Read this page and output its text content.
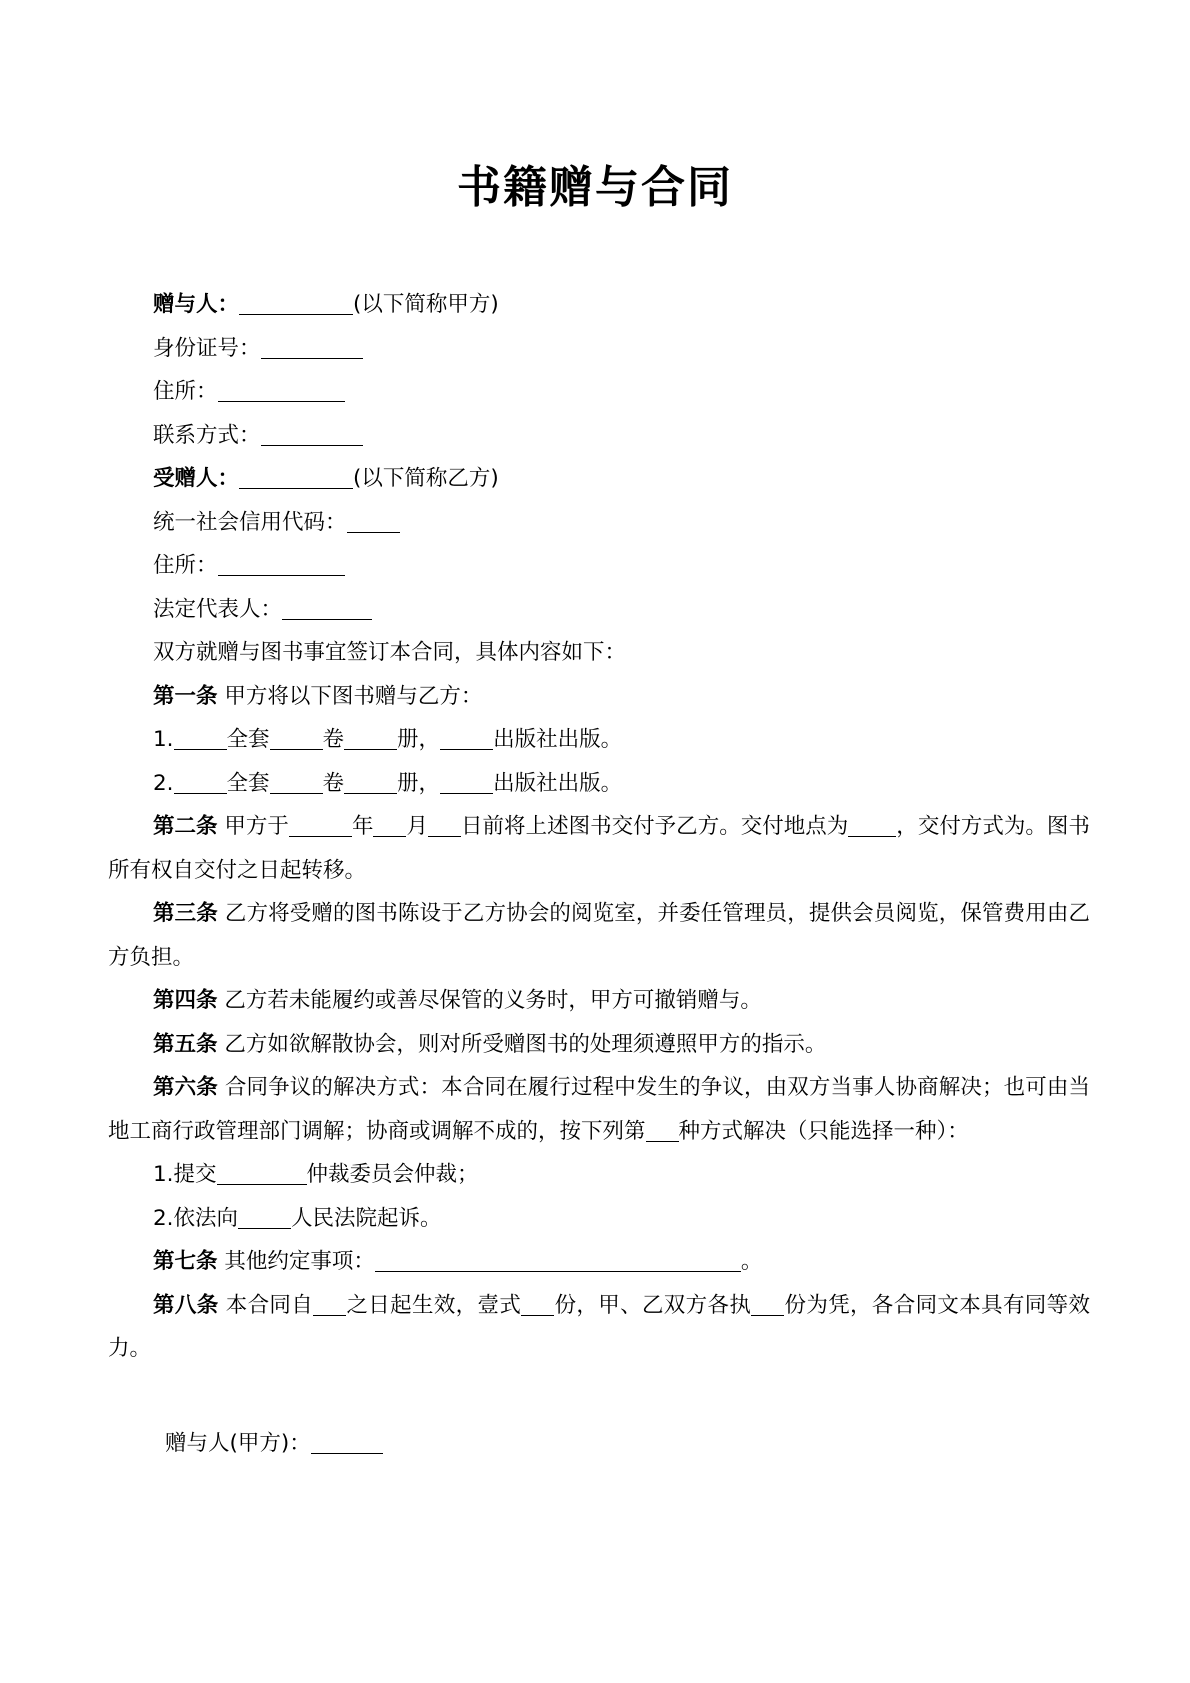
书籍赠与合同
赠与人：	(以下简称甲方)
身份证号：
住所：
联系方式：
受赠人：	(以下简称乙方)
统一社会信用代码：
住所：
法定代表人：
双方就赠与图书事宜签订本合同，具体内容如下：
第一条 甲方将以下图书赠与乙方：
1. 全套 卷 册， 出版社出版。
2. 全套 卷 册， 出版社出版。
第二条 甲方于	年 月 日前将上述图书交付予乙方。交付地点为 ，交付方式为。图书所有权自交付之日起转移。
第三条 乙方将受赠的图书陈设于乙方协会的阅览室，并委任管理员，提供会员阅览，保管费用由乙方负担。
第四条 乙方若未能履约或善尽保管的义务时，甲方可撤销赠与。
第五条 乙方如欲解散协会，则对所受赠图书的处理须遵照甲方的指示。
第六条 合同争议的解决方式：本合同在履行过程中发生的争议，由双方当事人协商解决；也可由当地工商行政管理部门调解；协商或调解不成的，按下列第 种方式解决（只能选择一种）：
1.提交	仲裁委员会仲裁；
2.依法向 人民法院起诉。
第七条 其他约定事项：	。
第八条 本合同自 之日起生效，壹式 份，甲、乙双方各执 份为凭，各合同文本具有同等效力。
赠与人(甲方)：
